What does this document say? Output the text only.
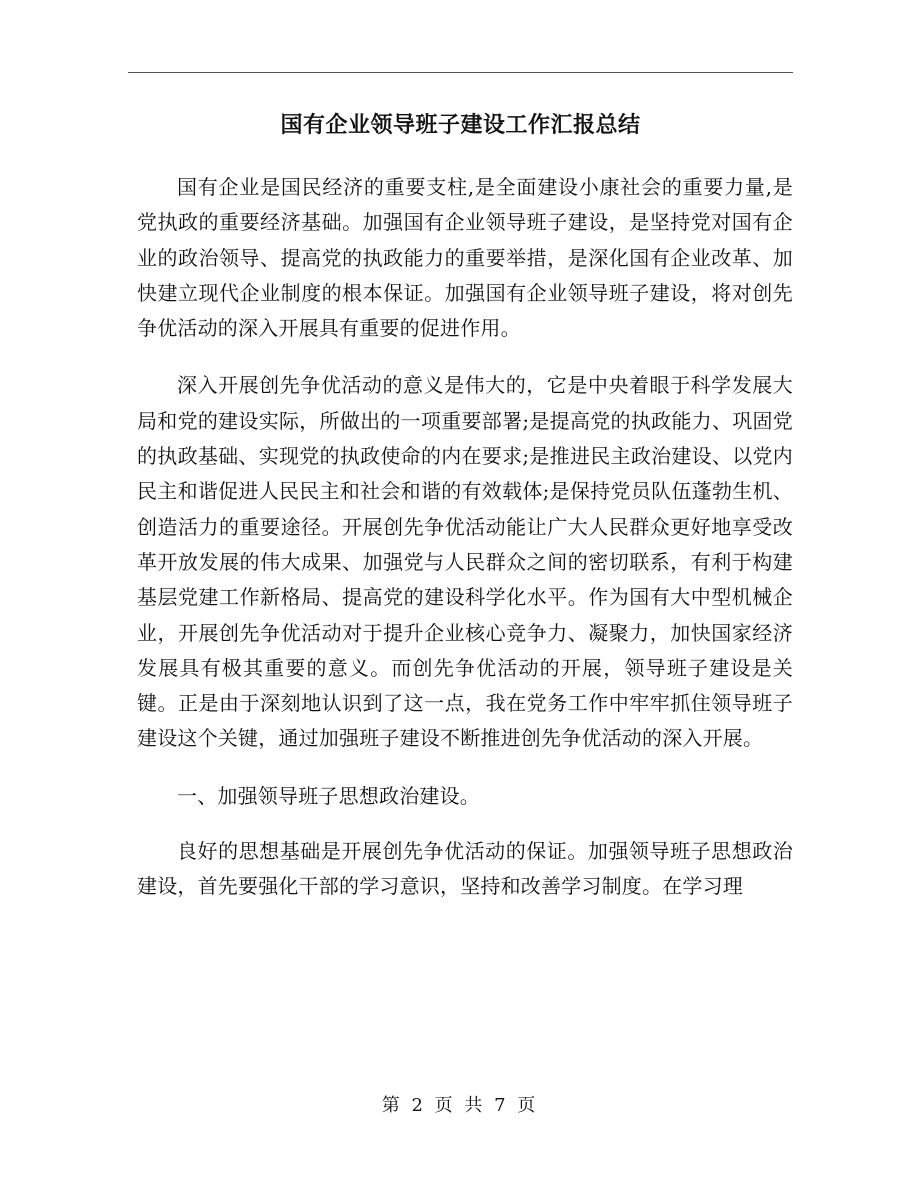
国有企业领导班子建设工作汇报总结

国有企业是国民经济的重要支柱,是全面建设小康社会的重要力量,是党执政的重要经济基础。加强国有企业领导班子建设，是坚持党对国有企业的政治领导、提高党的执政能力的重要举措，是深化国有企业改革、加快建立现代企业制度的根本保证。加强国有企业领导班子建设，将对创先争优活动的深入开展具有重要的促进作用。

深入开展创先争优活动的意义是伟大的，它是中央着眼于科学发展大局和党的建设实际，所做出的一项重要部署;是提高党的执政能力、巩固党的执政基础、实现党的执政使命的内在要求;是推进民主政治建设、以党内民主和谐促进人民民主和社会和谐的有效载体;是保持党员队伍蓬勃生机、创造活力的重要途径。开展创先争优活动能让广大人民群众更好地享受改革开放发展的伟大成果、加强党与人民群众之间的密切联系，有利于构建基层党建工作新格局、提高党的建设科学化水平。作为国有大中型机械企业，开展创先争优活动对于提升企业核心竞争力、凝聚力，加快国家经济发展具有极其重要的意义。而创先争优活动的开展，领导班子建设是关键。正是由于深刻地认识到了这一点，我在党务工作中牢牢抓住领导班子建设这个关键，通过加强班子建设不断推进创先争优活动的深入开展。

一、加强领导班子思想政治建设。

良好的思想基础是开展创先争优活动的保证。加强领导班子思想政治建设，首先要强化干部的学习意识，坚持和改善学习制度。在学习理

第 2 页 共 7 页
